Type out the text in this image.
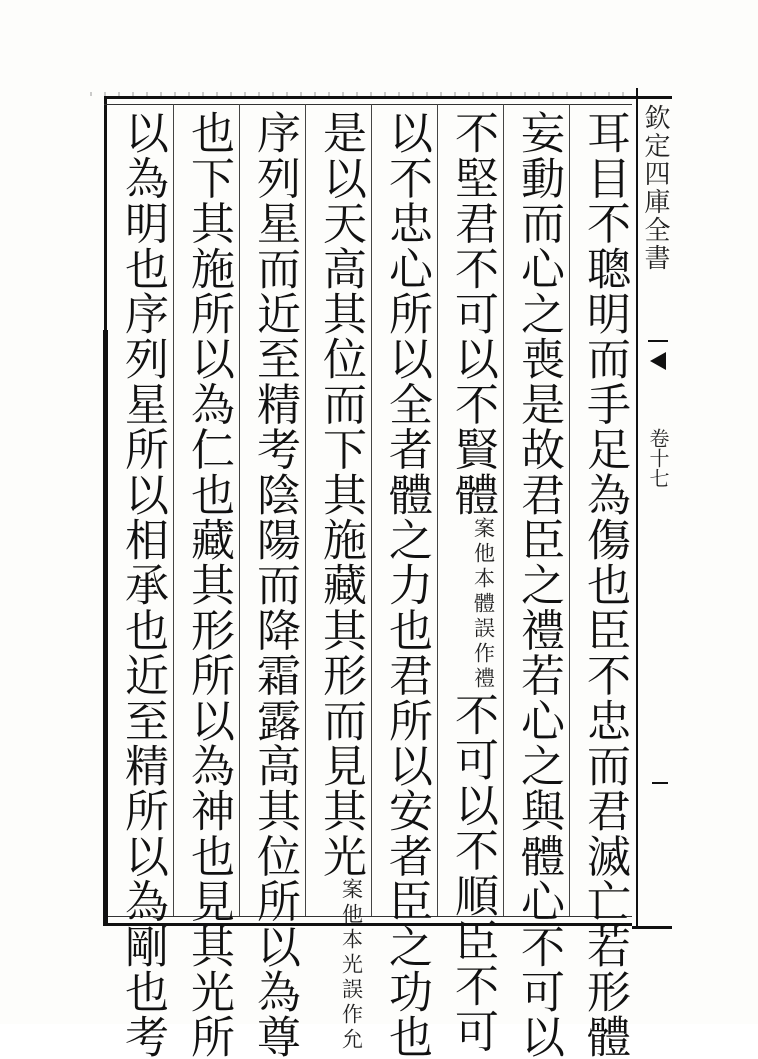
欽定四庫全書
卷十七
耳目不聰明而手足為傷也臣不忠而君滅亡若形體
妄動而心之喪是故君臣之禮若心之與體心不可以
不堅君不可以不賢體案他本體誤作禮不可以不順臣不可
以不忠心所以全者體之力也君所以安者臣之功也
是以天高其位而下其施藏其形而見其光案他本光誤作允
序列星而近至精考陰陽而降霜露高其位所以為尊
也下其施所以為仁也藏其形所以為神也見其光所
以為明也序列星所以相承也近至精所以為剛也考
